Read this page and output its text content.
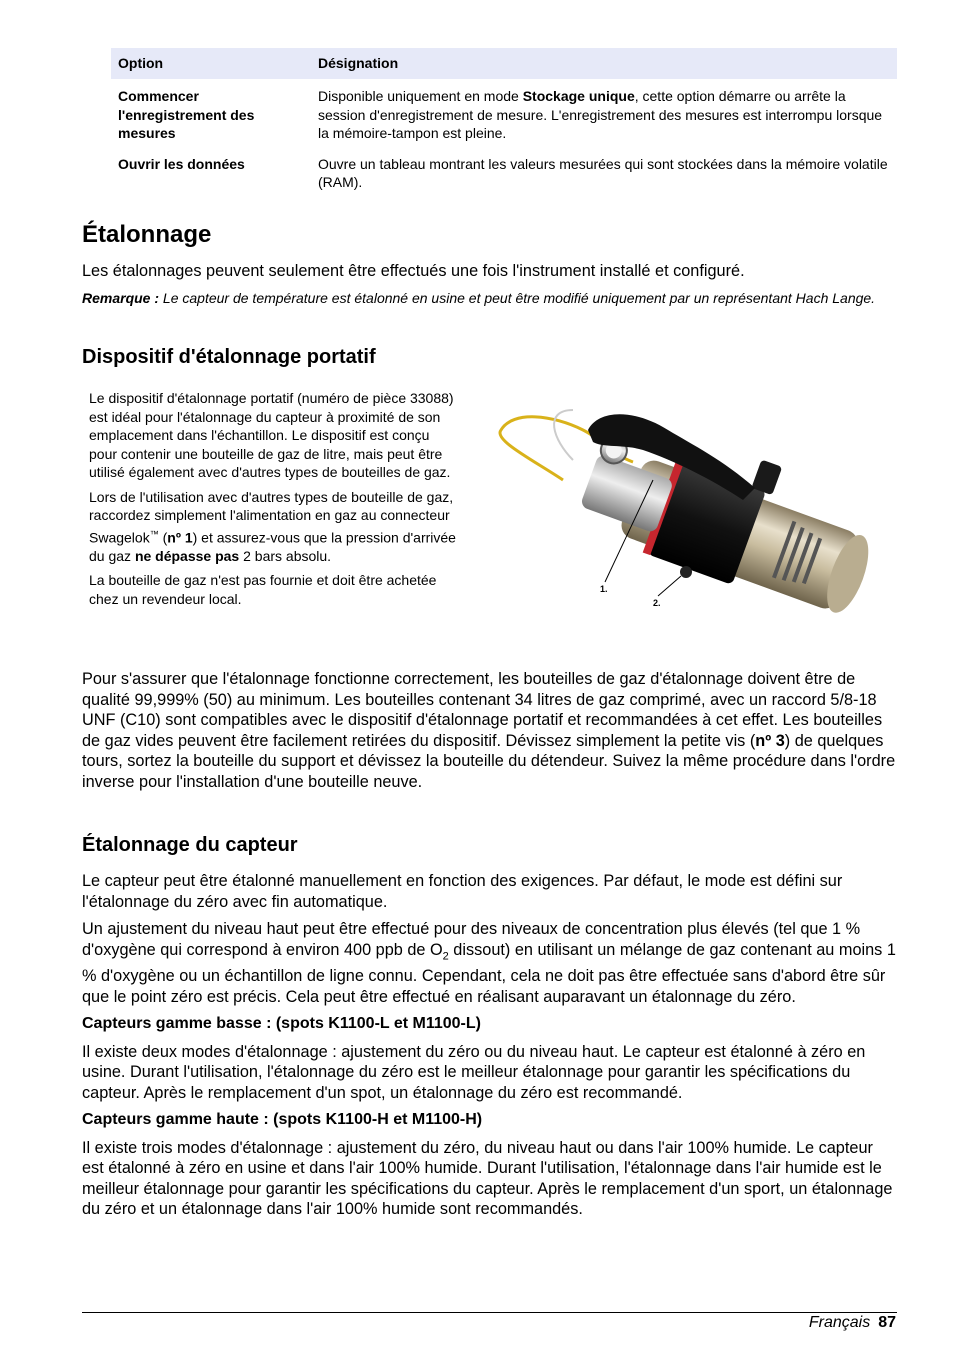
Option	Désignation
Commencer l'enregistrement des mesures	Disponible uniquement en mode Stockage unique, cette option démarre ou arrête la session d'enregistrement de mesure. L'enregistrement des mesures est interrompu lorsque la mémoire-tampon est pleine.
Ouvrir les données	Ouvre un tableau montrant les valeurs mesurées qui sont stockées dans la mémoire volatile (RAM).
Étalonnage

Les étalonnages peuvent seulement être effectués une fois l'instrument installé et configuré.

Remarque : Le capteur de température est étalonné en usine et peut être modifié uniquement par un représentant Hach Lange.

Dispositif d'étalonnage portatif

Le dispositif d'étalonnage portatif (numéro de pièce 33088) est idéal pour l'étalonnage du capteur à proximité de son emplacement dans l'échantillon. Le dispositif est conçu pour contenir une bouteille de gaz de litre, mais peut être utilisé également avec d'autres types de bouteilles de gaz.

Lors de l'utilisation avec d'autres types de bouteille de gaz, raccordez simplement l'alimentation en gaz au connecteur Swagelok™ (nº 1) et assurez-vous que la pression d'arrivée du gaz ne dépasse pas 2 bars absolu.

La bouteille de gaz n'est pas fournie et doit être achetée chez un revendeur local.

1.
2.

Pour s'assurer que l'étalonnage fonctionne correctement, les bouteilles de gaz d'étalonnage doivent être de qualité 99,999% (50) au minimum. Les bouteilles contenant 34 litres de gaz comprimé, avec un raccord 5/8-18 UNF (C10) sont compatibles avec le dispositif d'étalonnage portatif et recommandées à cet effet. Les bouteilles de gaz vides peuvent être facilement retirées du dispositif. Dévissez simplement la petite vis (nº 3) de quelques tours, sortez la bouteille du support et dévissez la bouteille du détendeur. Suivez la même procédure dans l'ordre inverse pour l'installation d'une bouteille neuve.

Étalonnage du capteur

Le capteur peut être étalonné manuellement en fonction des exigences. Par défaut, le mode est défini sur l'étalonnage du zéro avec fin automatique.

Un ajustement du niveau haut peut être effectué pour des niveaux de concentration plus élevés (tel que 1 % d'oxygène qui correspond à environ 400 ppb de $O_2$ dissout) en utilisant un mélange de gaz contenant au moins 1 % d'oxygène ou un échantillon de ligne connu. Cependant, cela ne doit pas être effectuée sans d'abord être sûr que le point zéro est précis. Cela peut être effectué en réalisant auparavant un étalonnage du zéro.

Capteurs gamme basse : (spots K1100-L et M1100-L)

Il existe deux modes d'étalonnage : ajustement du zéro ou du niveau haut. Le capteur est étalonné à zéro en usine. Durant l'utilisation, l'étalonnage du zéro est le meilleur étalonnage pour garantir les spécifications du capteur. Après le remplacement d'un spot, un étalonnage du zéro est recommandé.

Capteurs gamme haute : (spots K1100-H et M1100-H)

Il existe trois modes d'étalonnage : ajustement du zéro, du niveau haut ou dans l'air 100% humide. Le capteur est étalonné à zéro en usine et dans l'air 100% humide. Durant l'utilisation, l'étalonnage dans l'air humide est le meilleur étalonnage pour garantir les spécifications du capteur. Après le remplacement d'un sport, un étalonnage du zéro et un étalonnage dans l'air 100% humide sont recommandés.

Français 87
